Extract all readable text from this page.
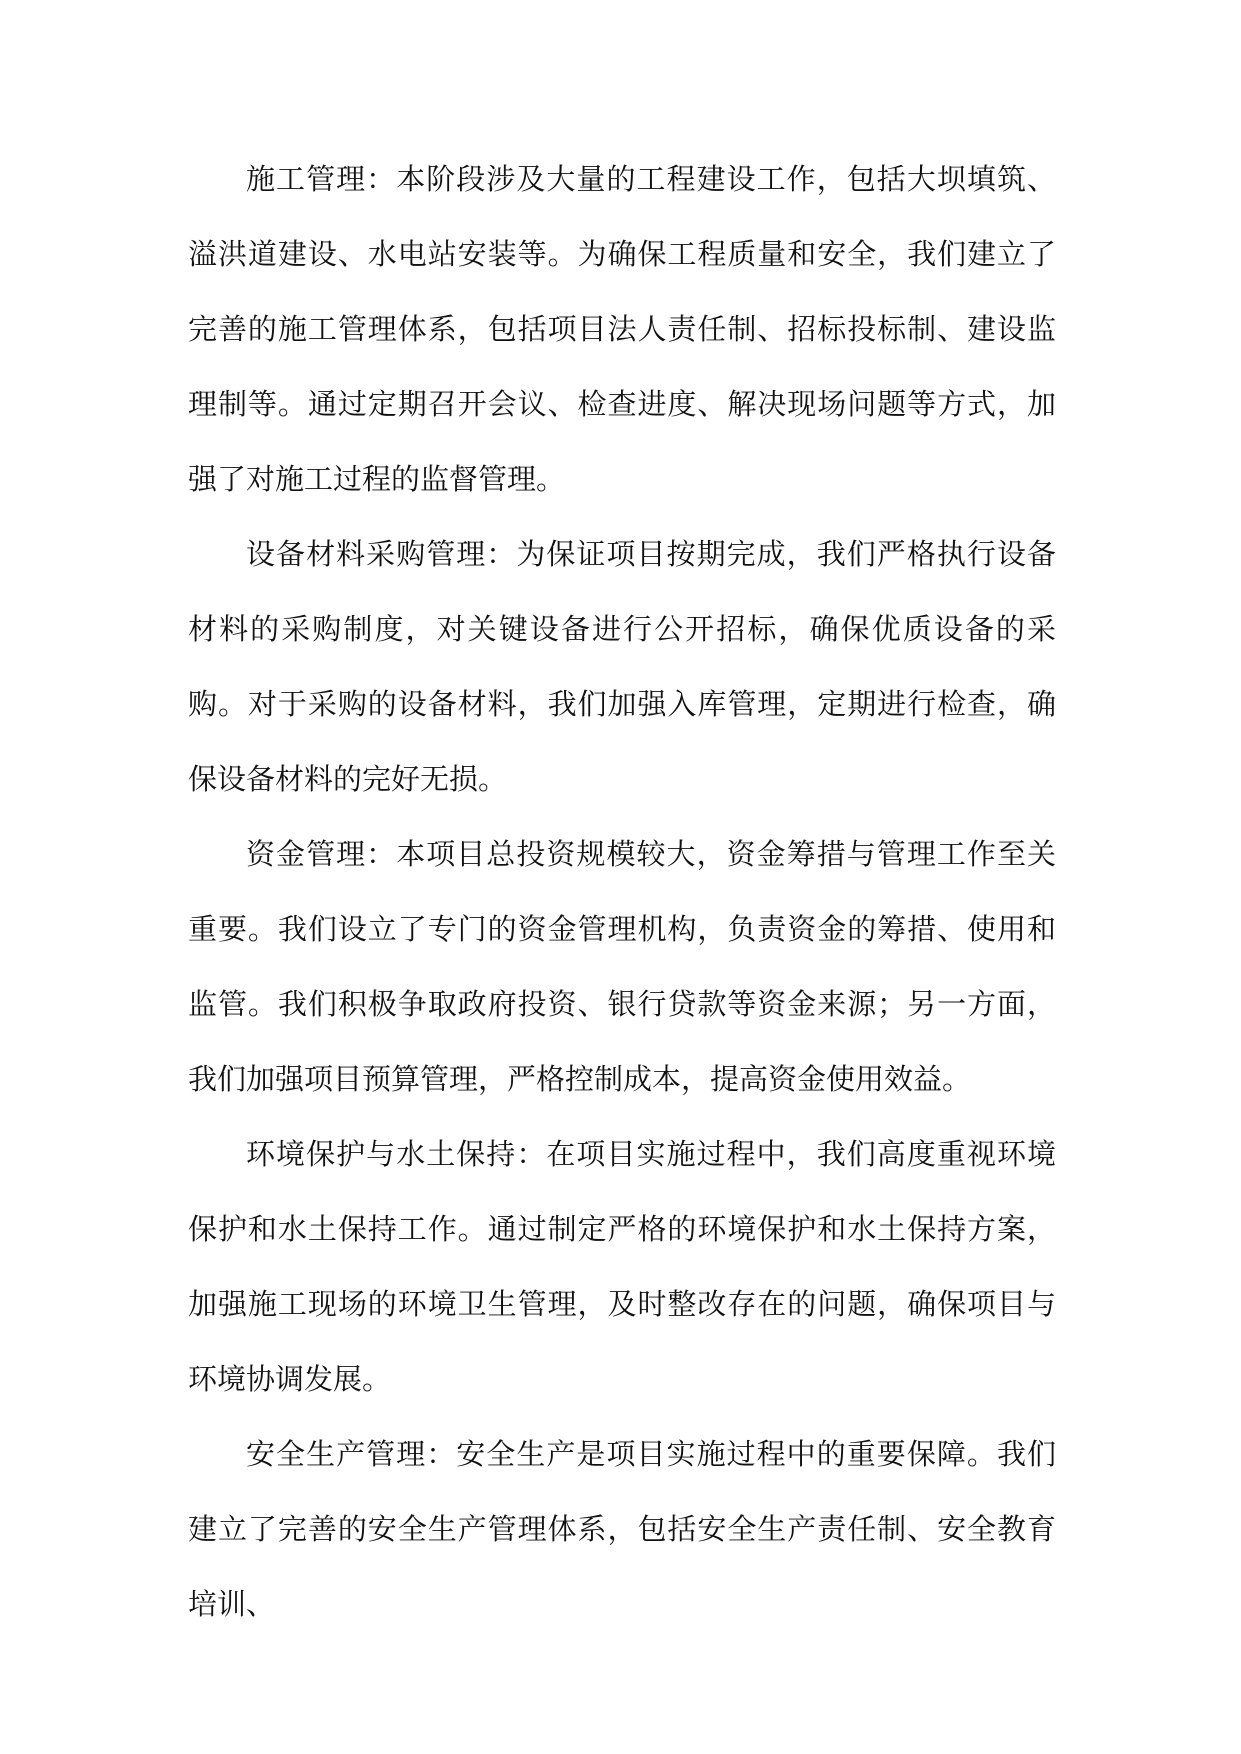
施工管理：本阶段涉及大量的工程建设工作，包括大坝填筑、溢洪道建设、水电站安装等。为确保工程质量和安全，我们建立了完善的施工管理体系，包括项目法人责任制、招标投标制、建设监理制等。通过定期召开会议、检查进度、解决现场问题等方式，加强了对施工过程的监督管理。

设备材料采购管理：为保证项目按期完成，我们严格执行设备材料的采购制度，对关键设备进行公开招标，确保优质设备的采购。对于采购的设备材料，我们加强入库管理，定期进行检查，确保设备材料的完好无损。

资金管理：本项目总投资规模较大，资金筹措与管理工作至关重要。我们设立了专门的资金管理机构，负责资金的筹措、使用和监管。我们积极争取政府投资、银行贷款等资金来源；另一方面，我们加强项目预算管理，严格控制成本，提高资金使用效益。

环境保护与水土保持：在项目实施过程中，我们高度重视环境保护和水土保持工作。通过制定严格的环境保护和水土保持方案，加强施工现场的环境卫生管理，及时整改存在的问题，确保项目与环境协调发展。

安全生产管理：安全生产是项目实施过程中的重要保障。我们建立了完善的安全生产管理体系，包括安全生产责任制、安全教育培训、
